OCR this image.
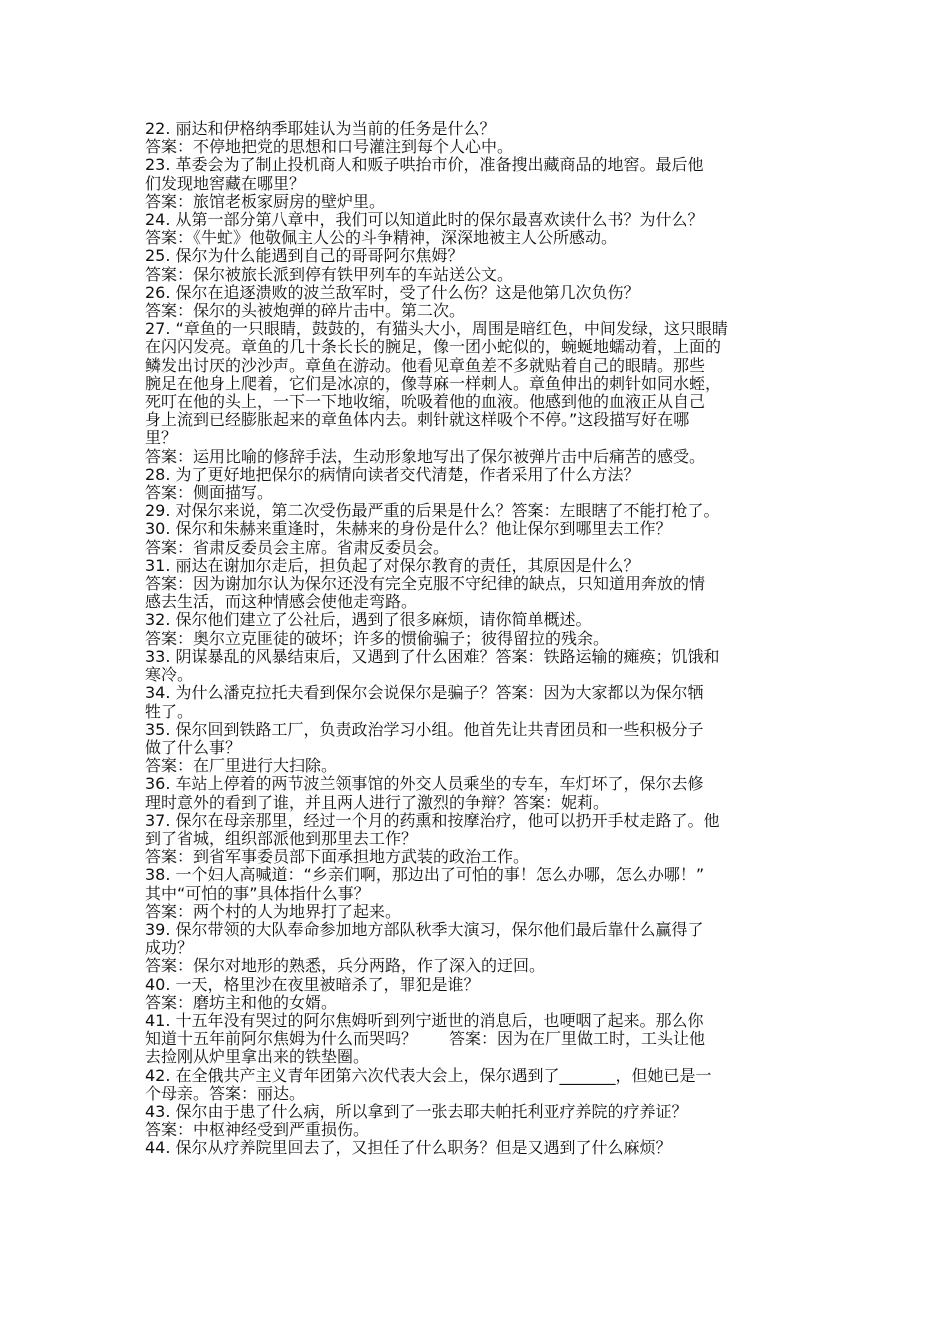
22. 丽达和伊格纳季耶娃认为当前的任务是什么？
答案：不停地把党的思想和口号灌注到每个人心中。
23. 革委会为了制止投机商人和贩子哄抬市价，准备搜出藏商品的地窖。最后他
们发现地窖藏在哪里？
答案：旅馆老板家厨房的壁炉里。
24. 从第一部分第八章中，我们可以知道此时的保尔最喜欢读什么书？为什么？
答案：《牛虻》他敬佩主人公的斗争精神，深深地被主人公所感动。
25. 保尔为什么能遇到自己的哥哥阿尔焦姆？
答案：保尔被旅长派到停有铁甲列车的车站送公文。
26. 保尔在追逐溃败的波兰敌军时，受了什么伤？这是他第几次负伤？
答案：保尔的头被炮弹的碎片击中。第二次。
27. “章鱼的一只眼睛，鼓鼓的，有猫头大小，周围是暗红色，中间发绿，这只眼睛
在闪闪发亮。章鱼的几十条长长的腕足，像一团小蛇似的，蜿蜒地蠕动着，上面的
鳞发出讨厌的沙沙声。章鱼在游动。他看见章鱼差不多就贴着自己的眼睛。那些
腕足在他身上爬着，它们是冰凉的，像荨麻一样刺人。章鱼伸出的刺针如同水蛭，
死叮在他的头上，一下一下地收缩，吮吸着他的血液。他感到他的血液正从自己
身上流到已经膨胀起来的章鱼体内去。刺针就这样吸个不停。”这段描写好在哪
里？
答案：运用比喻的修辞手法，生动形象地写出了保尔被弹片击中后痛苦的感受。
28. 为了更好地把保尔的病情向读者交代清楚，作者采用了什么方法？
答案：侧面描写。
29. 对保尔来说，第二次受伤最严重的后果是什么？答案：左眼瞎了不能打枪了。
30. 保尔和朱赫来重逢时，朱赫来的身份是什么？他让保尔到哪里去工作？
答案：省肃反委员会主席。省肃反委员会。
31. 丽达在谢加尔走后，担负起了对保尔教育的责任，其原因是什么？
答案：因为谢加尔认为保尔还没有完全克服不守纪律的缺点，只知道用奔放的情
感去生活，而这种情感会使他走弯路。
32. 保尔他们建立了公社后，遇到了很多麻烦，请你简单概述。
答案：奥尔立克匪徒的破坏；许多的惯偷骗子；彼得留拉的残余。
33. 阴谋暴乱的风暴结束后，又遇到了什么困难？答案：铁路运输的瘫痪；饥饿和
寒冷。
34. 为什么潘克拉托夫看到保尔会说保尔是骗子？答案：因为大家都以为保尔牺
牲了。
35. 保尔回到铁路工厂，负责政治学习小组。他首先让共青团员和一些积极分子
做了什么事？
答案：在厂里进行大扫除。
36. 车站上停着的两节波兰领事馆的外交人员乘坐的专车，车灯坏了，保尔去修
理时意外的看到了谁，并且两人进行了激烈的争辩？答案：妮莉。
37. 保尔在母亲那里，经过一个月的药熏和按摩治疗，他可以扔开手杖走路了。他
到了省城，组织部派他到那里去工作？
答案：到省军事委员部下面承担地方武装的政治工作。
38. 一个妇人高喊道：“乡亲们啊，那边出了可怕的事！怎么办哪，怎么办哪！”
其中“可怕的事”具体指什么事？
答案：两个村的人为地界打了起来。
39. 保尔带领的大队奉命参加地方部队秋季大演习，保尔他们最后靠什么赢得了
成功？
答案：保尔对地形的熟悉，兵分两路，作了深入的迂回。
40. 一天，格里沙在夜里被暗杀了，罪犯是谁？
答案：磨坊主和他的女婿。
41. 十五年没有哭过的阿尔焦姆听到列宁逝世的消息后，也哽咽了起来。那么你
知道十五年前阿尔焦姆为什么而哭吗？　　答案：因为在厂里做工时，工头让他
去捡刚从炉里拿出来的铁垫圈。
42. 在全俄共产主义青年团第六次代表大会上，保尔遇到了_______，但她已是一
个母亲。答案：丽达。
43. 保尔由于患了什么病，所以拿到了一张去耶夫帕托利亚疗养院的疗养证？
答案：中枢神经受到严重损伤。
44. 保尔从疗养院里回去了，又担任了什么职务？但是又遇到了什么麻烦？
